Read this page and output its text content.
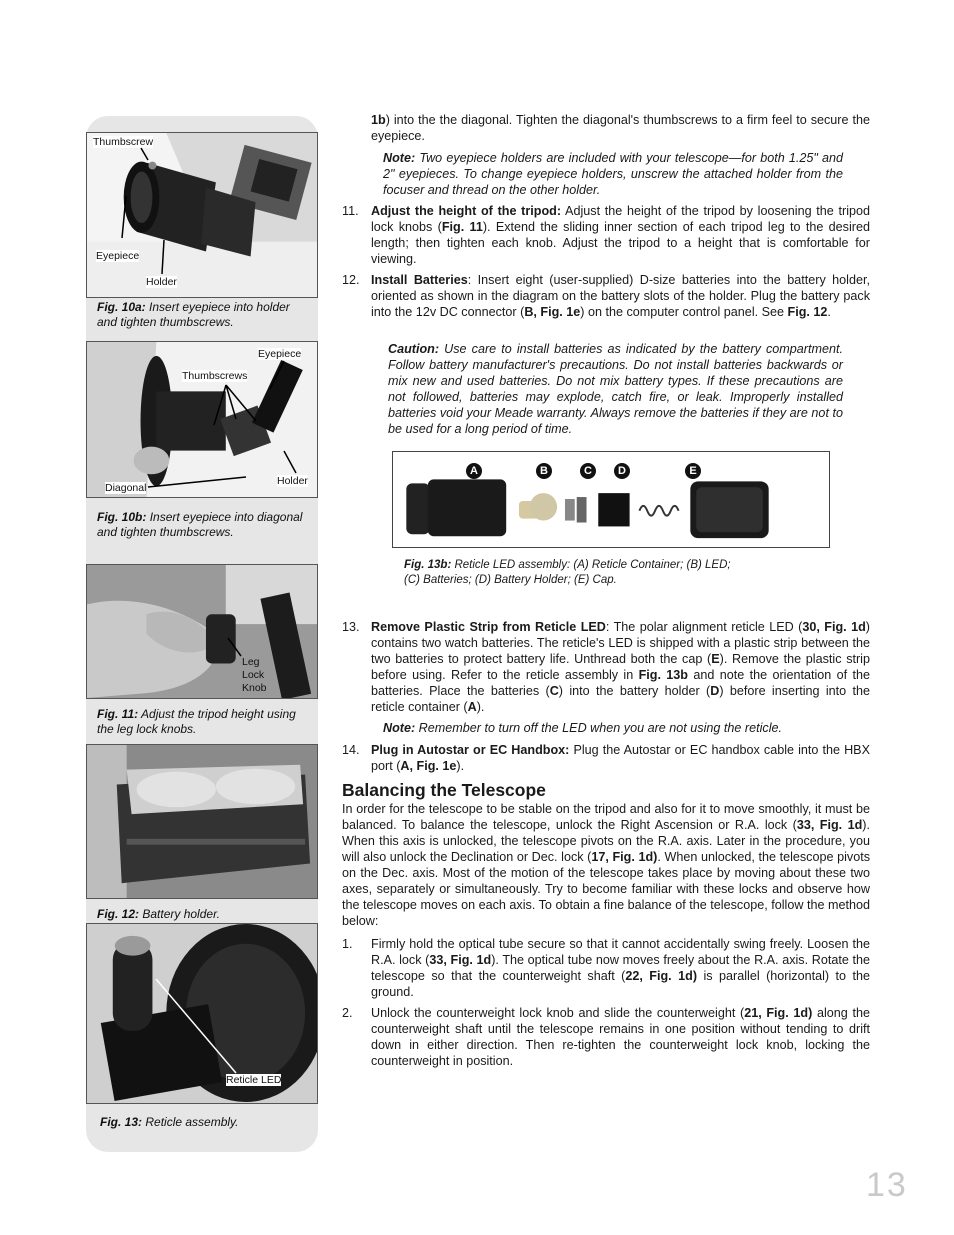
Thumbscrew
Eyepiece
Holder
Fig. 10a: Insert eyepiece into holder and tighten thumbscrews.
Eyepiece
Thumbscrews
Diagonal
Holder
Fig. 10b: Insert eyepiece into diagonal and tighten thumbscrews.
Leg
Lock
Knob
Fig. 11: Adjust the tripod height using the leg lock knobs.
Fig. 12: Battery holder.
Reticle LED
Fig. 13: Reticle assembly.

1b) into the the diagonal. Tighten the diagonal's thumbscrews to a firm feel to secure the eyepiece.

Note: Two eyepiece holders are included with your telescope—for both 1.25" and 2" eyepieces. To change eyepiece holders, unscrew the attached holder from the focuser and thread on the other holder.
11. Adjust the height of the tripod: Adjust the height of the tripod by loosening the tripod lock knobs (Fig. 11). Extend the sliding inner section of each tripod leg to the desired length; then tighten each knob. Adjust the tripod to a height that is comfortable for viewing.
12. Install Batteries: Insert eight (user-supplied) D-size batteries into the battery holder, oriented as shown in the diagram on the battery slots of the holder. Plug the battery pack into the 12v DC connector (B, Fig. 1e) on the computer control panel. See Fig. 12.
Caution: Use care to install batteries as indicated by the battery compartment. Follow battery manufacturer's precautions. Do not install batteries backwards or mix new and used batteries. Do not mix battery types. If these precautions are not followed, batteries may explode, catch fire, or leak. Improperly installed batteries void your Meade warranty. Always remove the batteries if they are not to be used for a long period of time.
A	B	C	D	E
Fig. 13b: Reticle LED assembly: (A) Reticle Container; (B) LED;
(C) Batteries; (D) Battery Holder; (E) Cap.
13. Remove Plastic Strip from Reticle LED: The polar alignment reticle LED (30, Fig. 1d) contains two watch batteries. The reticle's LED is shipped with a plastic strip between the two batteries to protect battery life. Unthread both the cap (E). Remove the plastic strip before using. Refer to the reticle assembly in Fig. 13b and note the orientation of the batteries. Place the batteries (C) into the battery holder (D) before inserting into the reticle container (A).
Note: Remember to turn off the LED when you are not using the reticle.
14. Plug in Autostar or EC Handbox: Plug the Autostar or EC handbox cable into the HBX port (A, Fig. 1e).
Balancing the Telescope

In order for the telescope to be stable on the tripod and also for it to move smoothly, it must be balanced. To balance the telescope, unlock the Right Ascension or R.A. lock (33, Fig. 1d). When this axis is unlocked, the telescope pivots on the R.A. axis. Later in the procedure, you will also unlock the Declination or Dec. lock (17, Fig. 1d). When unlocked, the telescope pivots on the Dec. axis. Most of the motion of the telescope takes place by moving about these two axes, separately or simultaneously. Try to become familiar with these locks and observe how the telescope moves on each axis. To obtain a fine balance of the telescope, follow the method below:

1. Firmly hold the optical tube secure so that it cannot accidentally swing freely. Loosen the R.A. lock (33, Fig. 1d). The optical tube now moves freely about the R.A. axis. Rotate the telescope so that the counterweight shaft (22, Fig. 1d) is parallel (horizontal) to the ground.
2. Unlock the counterweight lock knob and slide the counterweight (21, Fig. 1d) along the counterweight shaft until the telescope remains in one position without tending to drift down in either direction. Then re-tighten the counterweight lock knob, locking the counterweight in position.
13
